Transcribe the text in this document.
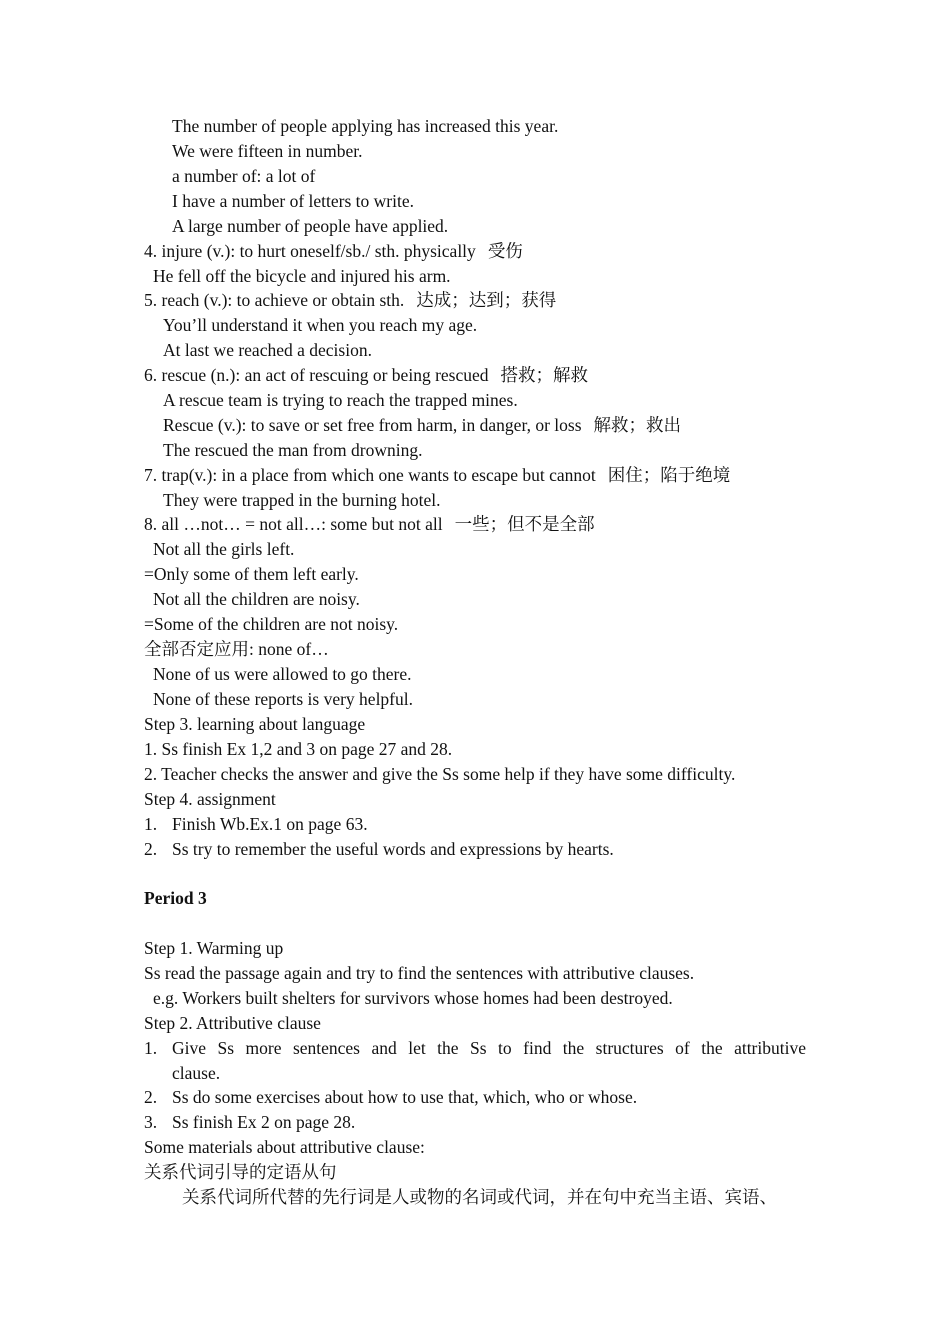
The number of people applying has increased this year.
We were fifteen in number.
a number of: a lot of
I have a number of letters to write.
A large number of people have applied.
4. injure (v.): to hurt oneself/sb./ sth. physically 受伤
He fell off the bicycle and injured his arm.
5. reach (v.): to achieve or obtain sth. 达成；达到；获得
You’ll understand it when you reach my age.
At last we reached a decision.
6. rescue (n.): an act of rescuing or being rescued 搭救；解救
A rescue team is trying to reach the trapped mines.
Rescue (v.): to save or set free from harm, in danger, or loss 解救；救出
The rescued the man from drowning.
7. trap(v.): in a place from which one wants to escape but cannot 困住；陷于绝境
They were trapped in the burning hotel.
8. all …not… = not all…: some but not all 一些；但不是全部
Not all the girls left.
=Only some of them left early.
Not all the children are noisy.
=Some of the children are not noisy.
全部否定应用: none of…
None of us were allowed to go there.
None of these reports is very helpful.
Step 3. learning about language
1. Ss finish Ex 1,2 and 3 on page 27 and 28.
2. Teacher checks the answer and give the Ss some help if they have some difficulty.
Step 4. assignment
1. Finish Wb.Ex.1 on page 63.
2. Ss try to remember the useful words and expressions by hearts.
Period 3
Step 1. Warming up
Ss read the passage again and try to find the sentences with attributive clauses.
e.g. Workers built shelters for survivors whose homes had been destroyed.
Step 2. Attributive clause
1. Give Ss more sentences and let the Ss to find the structures of the attributive
clause.
2. Ss do some exercises about how to use that, which, who or whose.
3. Ss finish Ex 2 on page 28.
Some materials about attributive clause:
关系代词引导的定语从句
关系代词所代替的先行词是人或物的名词或代词，并在句中充当主语、宾语、
